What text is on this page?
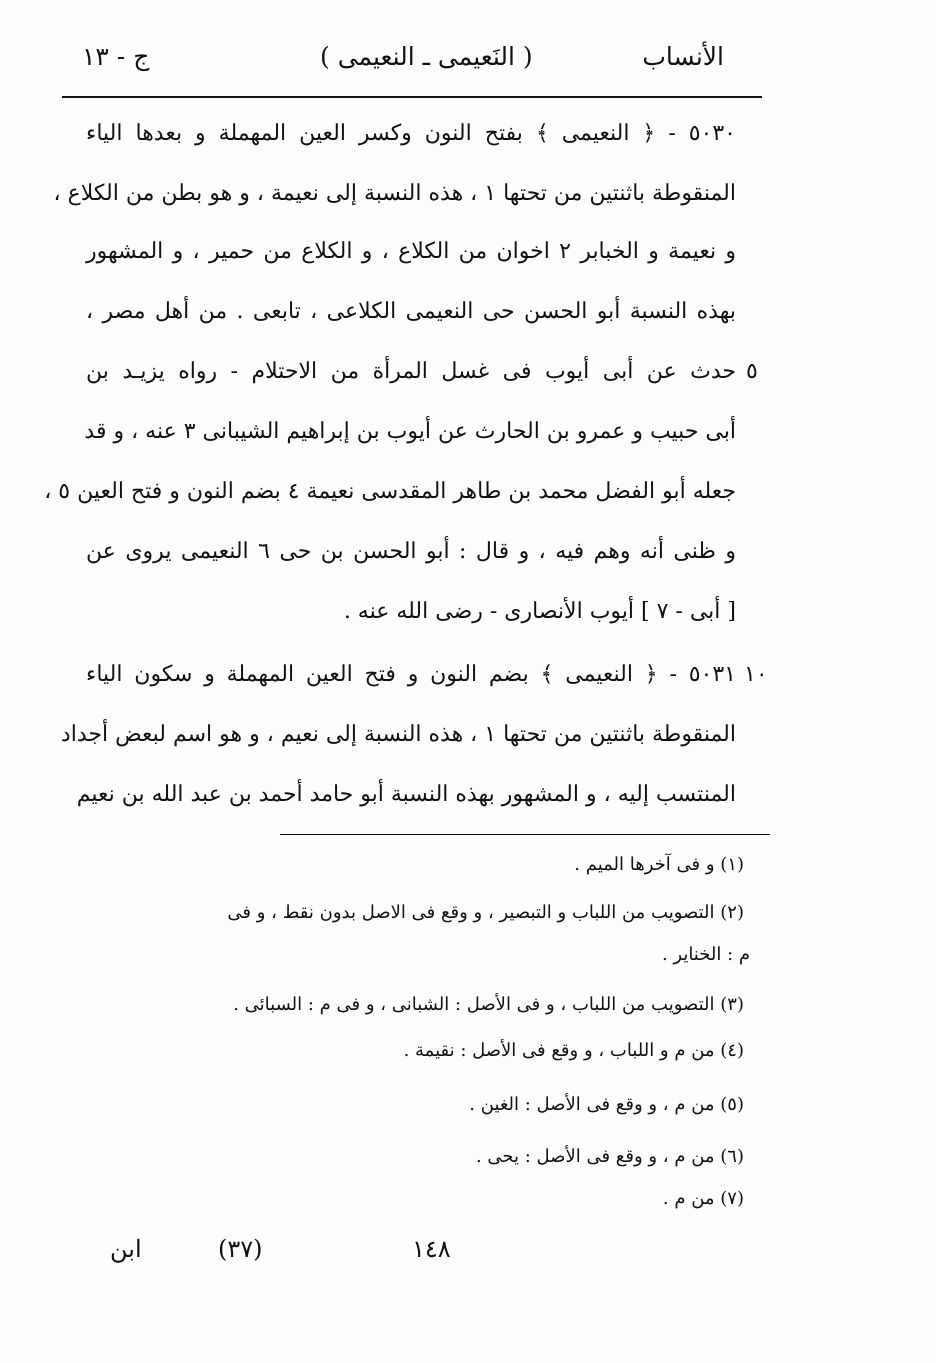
الأنساب
( النَعيمى ـ النعيمى )
ج - ١٣
٥٠٣٠ - ﴿ النعيمى ﴾ بفتح النون وكسر العين المهملة و بعدها الياء
المنقوطة باثنتين من تحتها ١ ، هذه النسبة إلى نعيمة ، و هو بطن من الكلاع ،
و نعيمة و الخبابر ٢ اخوان من الكلاع ، و الكلاع من حمير ، و المشهور
بهذه النسبة أبو الحسن حى النعيمى الكلاعى ، تابعى . من أهل مصر ،
٥
حدث عن أبى أيوب فى غسل المرأة من الاحتلام - رواه يزيـد بن
أبى حبيب و عمرو بن الحارث عن أيوب بن إبراهيم الشيبانى ٣ عنه ، و قد
جعله أبو الفضل محمد بن طاهر المقدسى نعيمة ٤ بضم النون و فتح العين ٥ ،
و ظنى أنه وهم فيه ، و قال : أبو الحسن بن حى ٦ النعيمى يروى عن
[ أبى - ٧ ] أيوب الأنصارى - رضى الله عنه .
١٠
٥٠٣١ - ﴿ النعيمى ﴾ بضم النون و فتح العين المهملة و سكون الياء
المنقوطة باثنتين من تحتها ١ ، هذه النسبة إلى نعيم ، و هو اسم لبعض أجداد
المنتسب إليه ، و المشهور بهذه النسبة أبو حامد أحمد بن عبد الله بن نعيم
(١) و فى آخرها الميم .
(٢) التصويب من اللباب و التبصير ، و وقع فى الاصل بدون نقط ، و فى
م : الخناير .
(٣) التصويب من اللباب ، و فى الأصل : الشبانى ، و فى م : السبائى .
(٤) من م و اللباب ، و وقع فى الأصل : نقيمة .
(٥) من م ، و وقع فى الأصل : الغين .
(٦) من م ، و وقع فى الأصل : يحى .
(٧) من م .
١٤٨
(٣٧)
ابن
